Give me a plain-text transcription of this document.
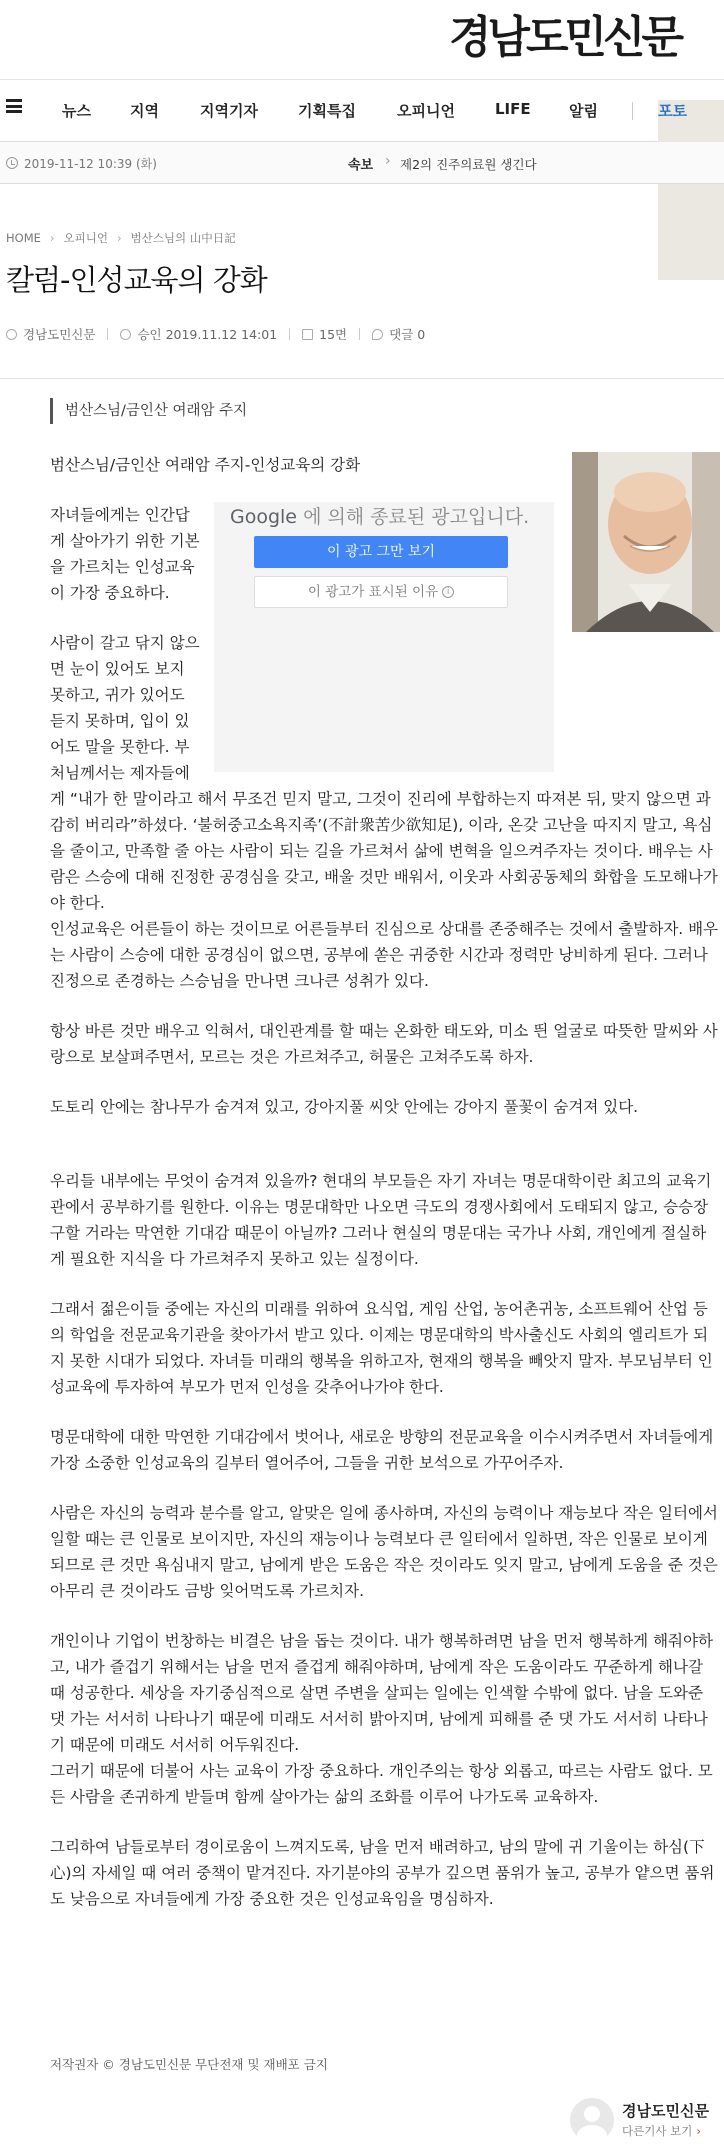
경남도민신문
뉴스	지역	지역기자	기획특집	오피니언	LIFE	알림	포토
2019-11-12 10:39 (화)	속보 › 제2의 진주의료원 생긴다
HOME › 오피니언 › 범산스님의 山中日記
칼럼-인성교육의 강화
경남도민신문	승인 2019.11.12 14:01	15면	댓글 0
범산스님/금인산 여래암 주지

범산스님/금인산 여래암 주지-인성교육의 강화

Google 에 의해 종료된 광고입니다.
이 광고 그만 보기
이 광고가 표시된 이유 i

자녀들에게는 인간답게 살아가기 위한 기본을 가르치는 인성교육이 가장 중요하다.

사람이 갈고 닦지 않으면 눈이 있어도 보지 못하고, 귀가 있어도 듣지 못하며, 입이 있어도 말을 못한다. 부처님께서는 제자들에게 “내가 한 말이라고 해서 무조건 믿지 말고, 그것이 진리에 부합하는지 따져본 뒤, 맞지 않으면 과감히 버리라”하셨다. ‘불허중고소욕지족’(不計衆苦少欲知足), 이라, 온갖 고난을 따지지 말고, 욕심을 줄이고, 만족할 줄 아는 사람이 되는 길을 가르쳐서 삶에 변혁을 일으켜주자는 것이다. 배우는 사람은 스승에 대해 진정한 공경심을 갖고, 배울 것만 배워서, 이웃과 사회공동체의 화합을 도모해나가야 한다.

인성교육은 어른들이 하는 것이므로 어른들부터 진심으로 상대를 존중해주는 것에서 출발하자. 배우는 사람이 스승에 대한 공경심이 없으면, 공부에 쏟은 귀중한 시간과 정력만 낭비하게 된다. 그러나 진정으로 존경하는 스승님을 만나면 크나큰 성취가 있다.

항상 바른 것만 배우고 익혀서, 대인관계를 할 때는 온화한 태도와, 미소 띈 얼굴로 따뜻한 말씨와 사랑으로 보살펴주면서, 모르는 것은 가르쳐주고, 허물은 고쳐주도록 하자.

도토리 안에는 참나무가 숨겨져 있고, 강아지풀 씨앗 안에는 강아지 풀꽃이 숨겨져 있다.

우리들 내부에는 무엇이 숨겨져 있을까? 현대의 부모들은 자기 자녀는 명문대학이란 최고의 교육기관에서 공부하기를 원한다. 이유는 명문대학만 나오면 극도의 경쟁사회에서 도태되지 않고, 승승장구할 거라는 막연한 기대감 때문이 아닐까? 그러나 현실의 명문대는 국가나 사회, 개인에게 절실하게 필요한 지식을 다 가르쳐주지 못하고 있는 실정이다.

그래서 젊은이들 중에는 자신의 미래를 위하여 요식업, 게임 산업, 농어촌귀농, 소프트웨어 산업 등의 학업을 전문교육기관을 찾아가서 받고 있다. 이제는 명문대학의 박사출신도 사회의 엘리트가 되지 못한 시대가 되었다. 자녀들 미래의 행복을 위하고자, 현재의 행복을 빼앗지 말자. 부모님부터 인성교육에 투자하여 부모가 먼저 인성을 갖추어나가야 한다.

명문대학에 대한 막연한 기대감에서 벗어나, 새로운 방향의 전문교육을 이수시켜주면서 자녀들에게 가장 소중한 인성교육의 길부터 열어주어, 그들을 귀한 보석으로 가꾸어주자.

사람은 자신의 능력과 분수를 알고, 알맞은 일에 종사하며, 자신의 능력이나 재능보다 작은 일터에서 일할 때는 큰 인물로 보이지만, 자신의 재능이나 능력보다 큰 일터에서 일하면, 작은 인물로 보이게 되므로 큰 것만 욕심내지 말고, 남에게 받은 도움은 작은 것이라도 잊지 말고, 남에게 도움을 준 것은 아무리 큰 것이라도 금방 잊어먹도록 가르치자.

개인이나 기업이 번창하는 비결은 남을 돕는 것이다. 내가 행복하려면 남을 먼저 행복하게 해줘야하고, 내가 즐겁기 위해서는 남을 먼저 즐겁게 해줘야하며, 남에게 작은 도움이라도 꾸준하게 해나갈 때 성공한다. 세상을 자기중심적으로 살면 주변을 살피는 일에는 인색할 수밖에 없다. 남을 도와준 댓 가는 서서히 나타나기 때문에 미래도 서서히 밝아지며, 남에게 피해를 준 댓 가도 서서히 나타나기 때문에 미래도 서서히 어두워진다.

그러기 때문에 더불어 사는 교육이 가장 중요하다. 개인주의는 항상 외롭고, 따르는 사람도 없다. 모든 사람을 존귀하게 받들며 함께 살아가는 삶의 조화를 이루어 나가도록 교육하자.

그리하여 남들로부터 경이로움이 느껴지도록, 남을 먼저 배려하고, 남의 말에 귀 기울이는 하심(下心)의 자세일 때 여러 중책이 맡겨진다. 자기분야의 공부가 깊으면 품위가 높고, 공부가 얕으면 품위도 낮음으로 자녀들에게 가장 중요한 것은 인성교육임을 명심하자.

저작권자 © 경남도민신문 무단전재 및 재배포 금지
경남도민신문
다른기사 보기 ›
